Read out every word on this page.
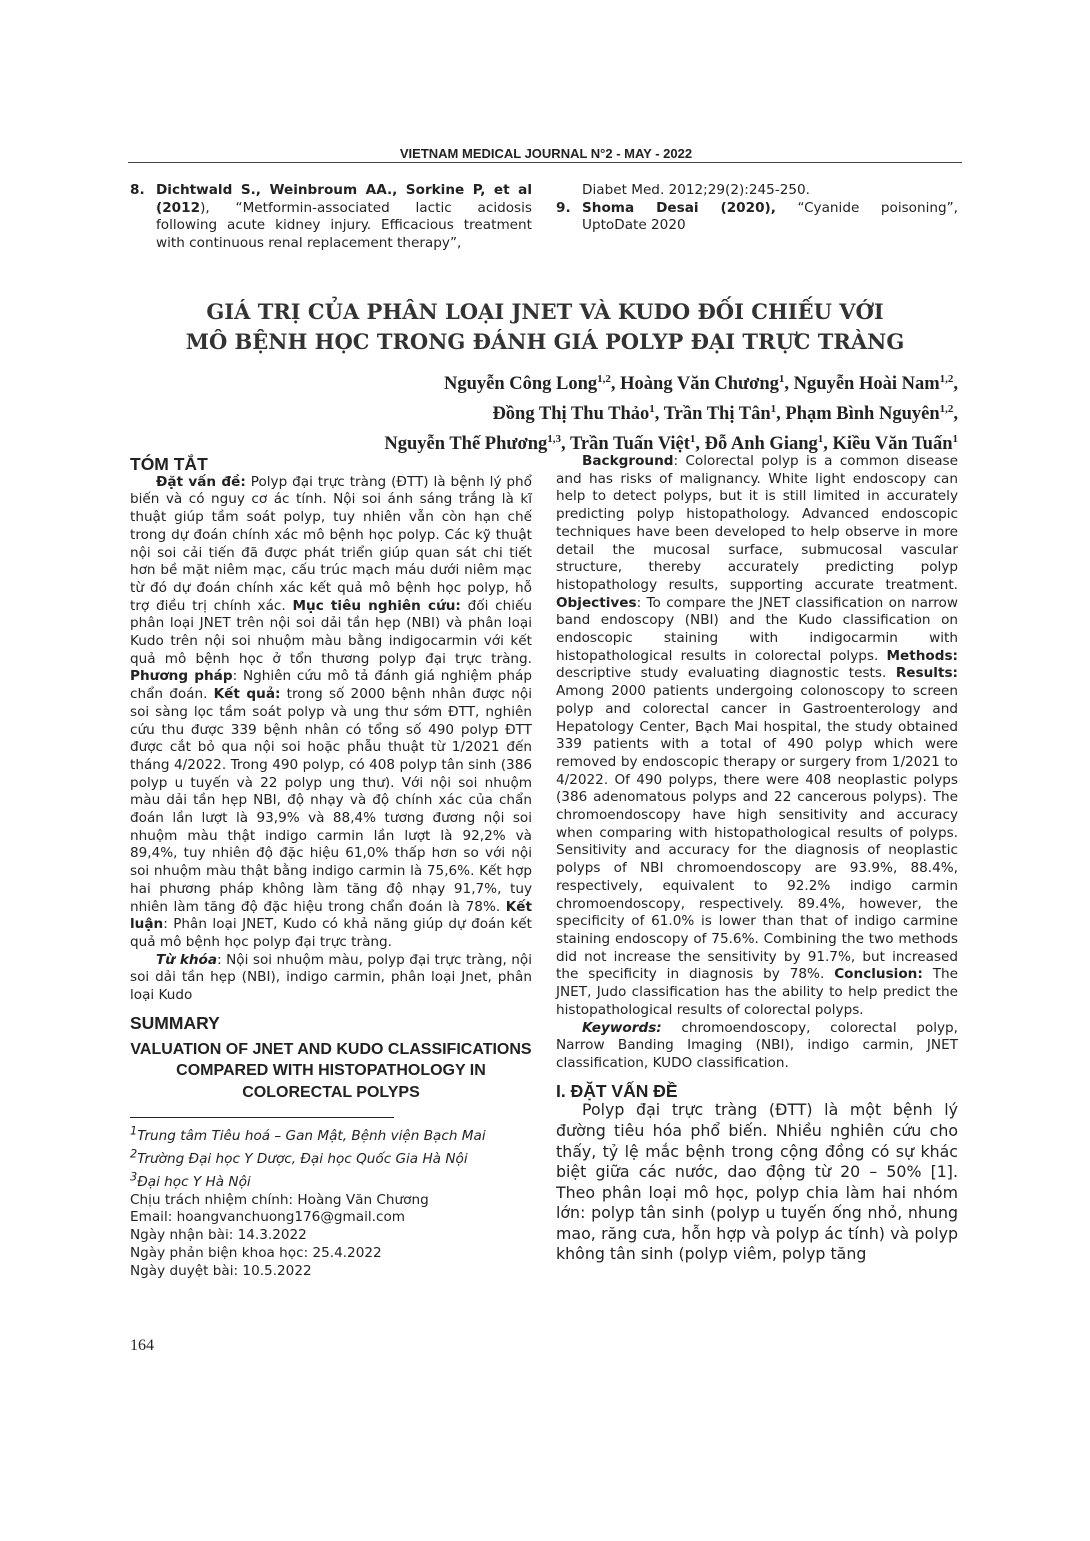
VIETNAM MEDICAL JOURNAL N°2 - MAY - 2022
8. Dichtwald S., Weinbroum AA., Sorkine P, et al (2012), “Metformin-associated lactic acidosis following acute kidney injury. Efficacious treatment with continuous renal replacement therapy”,
Diabet Med. 2012;29(2):245-250.
9. Shoma Desai (2020), “Cyanide poisoning”, UptoDate 2020
GIÁ TRỊ CỦA PHÂN LOẠI JNET VÀ KUDO ĐỐI CHIẾU VỚI
MÔ BỆNH HỌC TRONG ĐÁNH GIÁ POLYP ĐẠI TRỰC TRÀNG
Nguyễn Công Long$^{1,2}$, Hoàng Văn Chương$^1$, Nguyễn Hoài Nam$^{1,2}$,
Đồng Thị Thu Thảo$^1$, Trần Thị Tân$^1$, Phạm Bình Nguyên$^{1,2}$,
Nguyễn Thế Phương$^{1,3}$, Trần Tuấn Việt$^1$, Đỗ Anh Giang$^1$, Kiều Văn Tuấn$^1$
TÓM TẮT

Đặt vấn đề: Polyp đại trực tràng (ĐTT) là bệnh lý phổ biến và có nguy cơ ác tính. Nội soi ánh sáng trắng là kĩ thuật giúp tầm soát polyp, tuy nhiên vẫn còn hạn chế trong dự đoán chính xác mô bệnh học polyp. Các kỹ thuật nội soi cải tiến đã được phát triển giúp quan sát chi tiết hơn bề mặt niêm mạc, cấu trúc mạch máu dưới niêm mạc từ đó dự đoán chính xác kết quả mô bệnh học polyp, hỗ trợ điều trị chính xác. Mục tiêu nghiên cứu: đối chiếu phân loại JNET trên nội soi dải tần hẹp (NBI) và phân loại Kudo trên nội soi nhuộm màu bằng indigocarmin với kết quả mô bệnh học ở tổn thương polyp đại trực tràng. Phương pháp: Nghiên cứu mô tả đánh giá nghiệm pháp chẩn đoán. Kết quả: trong số 2000 bệnh nhân được nội soi sàng lọc tầm soát polyp và ung thư sớm ĐTT, nghiên cứu thu được 339 bệnh nhân có tổng số 490 polyp ĐTT được cắt bỏ qua nội soi hoặc phẫu thuật từ 1/2021 đến tháng 4/2022. Trong 490 polyp, có 408 polyp tân sinh (386 polyp u tuyến và 22 polyp ung thư). Với nội soi nhuộm màu dải tần hẹp NBI, độ nhạy và độ chính xác của chẩn đoán lần lượt là 93,9% và 88,4% tương đương nội soi nhuộm màu thật indigo carmin lần lượt là 92,2% và 89,4%, tuy nhiên độ đặc hiệu 61,0% thấp hơn so với nội soi nhuộm màu thật bằng indigo carmin là 75,6%. Kết hợp hai phương pháp không làm tăng độ nhạy 91,7%, tuy nhiên làm tăng độ đặc hiệu trong chẩn đoán là 78%. Kết luận: Phân loại JNET, Kudo có khả năng giúp dự đoán kết quả mô bệnh học polyp đại trực tràng.

Từ khóa: Nội soi nhuộm màu, polyp đại trực tràng, nội soi dải tần hẹp (NBI), indigo carmin, phân loại Jnet, phân loại Kudo

SUMMARY
VALUATION OF JNET AND KUDO CLASSIFICATIONS COMPARED WITH HISTOPATHOLOGY IN COLORECTAL POLYPS
$^1$Trung tâm Tiêu hoá – Gan Mật, Bệnh viện Bạch Mai
$^2$Trường Đại học Y Dược, Đại học Quốc Gia Hà Nội
$^3$Đại học Y Hà Nội
Chịu trách nhiệm chính: Hoàng Văn Chương
Email: hoangvanchuong176@gmail.com
Ngày nhận bài: 14.3.2022
Ngày phản biện khoa học: 25.4.2022
Ngày duyệt bài: 10.5.2022

Background: Colorectal polyp is a common disease and has risks of malignancy. White light endoscopy can help to detect polyps, but it is still limited in accurately predicting polyp histopathology. Advanced endoscopic techniques have been developed to help observe in more detail the mucosal surface, submucosal vascular structure, thereby accurately predicting polyp histopathology results, supporting accurate treatment. Objectives: To compare the JNET classification on narrow band endoscopy (NBI) and the Kudo classification on endoscopic staining with indigocarmin with histopathological results in colorectal polyps. Methods: descriptive study evaluating diagnostic tests. Results: Among 2000 patients undergoing colonoscopy to screen polyp and colorectal cancer in Gastroenterology and Hepatology Center, Bạch Mai hospital, the study obtained 339 patients with a total of 490 polyp which were removed by endoscopic therapy or surgery from 1/2021 to 4/2022. Of 490 polyps, there were 408 neoplastic polyps (386 adenomatous polyps and 22 cancerous polyps). The chromoendoscopy have high sensitivity and accuracy when comparing with histopathological results of polyps. Sensitivity and accuracy for the diagnosis of neoplastic polyps of NBI chromoendoscopy are 93.9%, 88.4%, respectively, equivalent to 92.2% indigo carmin chromoendoscopy, respectively. 89.4%, however, the specificity of 61.0% is lower than that of indigo carmine staining endoscopy of 75.6%. Combining the two methods did not increase the sensitivity by 91.7%, but increased the specificity in diagnosis by 78%. Conclusion: The JNET, Judo classification has the ability to help predict the histopathological results of colorectal polyps.

Keywords: chromoendoscopy, colorectal polyp, Narrow Banding Imaging (NBI), indigo carmin, JNET classification, KUDO classification.

I. ĐẶT VẤN ĐỀ

Polyp đại trực tràng (ĐTT) là một bệnh lý đường tiêu hóa phổ biến. Nhiều nghiên cứu cho thấy, tỷ lệ mắc bệnh trong cộng đồng có sự khác biệt giữa các nước, dao động từ 20 – 50% [1]. Theo phân loại mô học, polyp chia làm hai nhóm lớn: polyp tân sinh (polyp u tuyến ống nhỏ, nhung mao, răng cưa, hỗn hợp và polyp ác tính) và polyp không tân sinh (polyp viêm, polyp tăng

164
